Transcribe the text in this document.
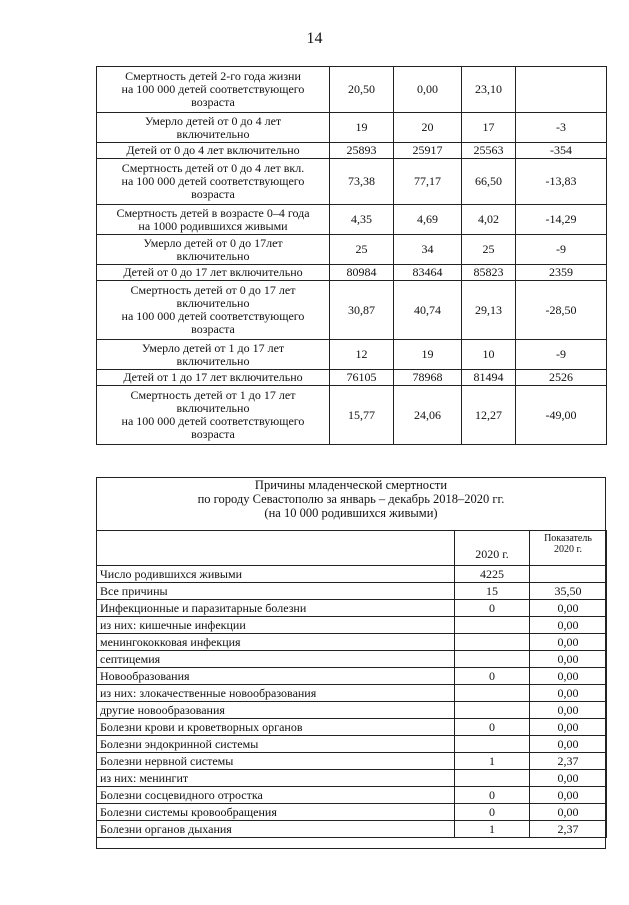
14
Смертность детей 2-го года жизни
на 100 000 детей соответствующего
возраста	20,50	0,00	23,10	
Умерло детей от 0 до 4 лет
включительно	19	20	17	-3
Детей от 0 до 4 лет включительно	25893	25917	25563	-354
Смертность детей от 0 до 4 лет вкл.
на 100 000 детей соответствующего
возраста	73,38	77,17	66,50	-13,83
Смертность детей в возрасте 0–4 года
на 1000 родившихся живыми	4,35	4,69	4,02	-14,29
Умерло детей от 0 до 17лет
включительно	25	34	25	-9
Детей от 0 до 17 лет включительно	80984	83464	85823	2359
Смертность детей от 0 до 17 лет
включительно
на 100 000 детей соответствующего
возраста	30,87	40,74	29,13	-28,50
Умерло детей от 1 до 17 лет
включительно	12	19	10	-9
Детей от 1 до 17 лет включительно	76105	78968	81494	2526
Смертность детей от 1 до 17 лет
включительно
на 100 000 детей соответствующего
возраста	15,77	24,06	12,27	-49,00
Причины младенческой смертности
по городу Севастополю за январь – декабрь 2018–2020 гг.
(на 10 000 родившихся живыми)

	2020 г.	Показатель
2020 г.

Число родившихся живыми	4225	
Все причины	15	35,50
Инфекционные и паразитарные болезни	0	0,00
из них: кишечные инфекции		0,00
менингококковая инфекция		0,00
септицемия		0,00
Новообразования	0	0,00
из них: злокачественные новообразования		0,00
другие новообразования		0,00
Болезни крови и кроветворных органов	0	0,00
Болезни эндокринной системы		0,00
Болезни нервной системы	1	2,37
из них: менингит		0,00
Болезни сосцевидного отростка	0	0,00
Болезни системы кровообращения	0	0,00
Болезни органов дыхания	1	2,37
